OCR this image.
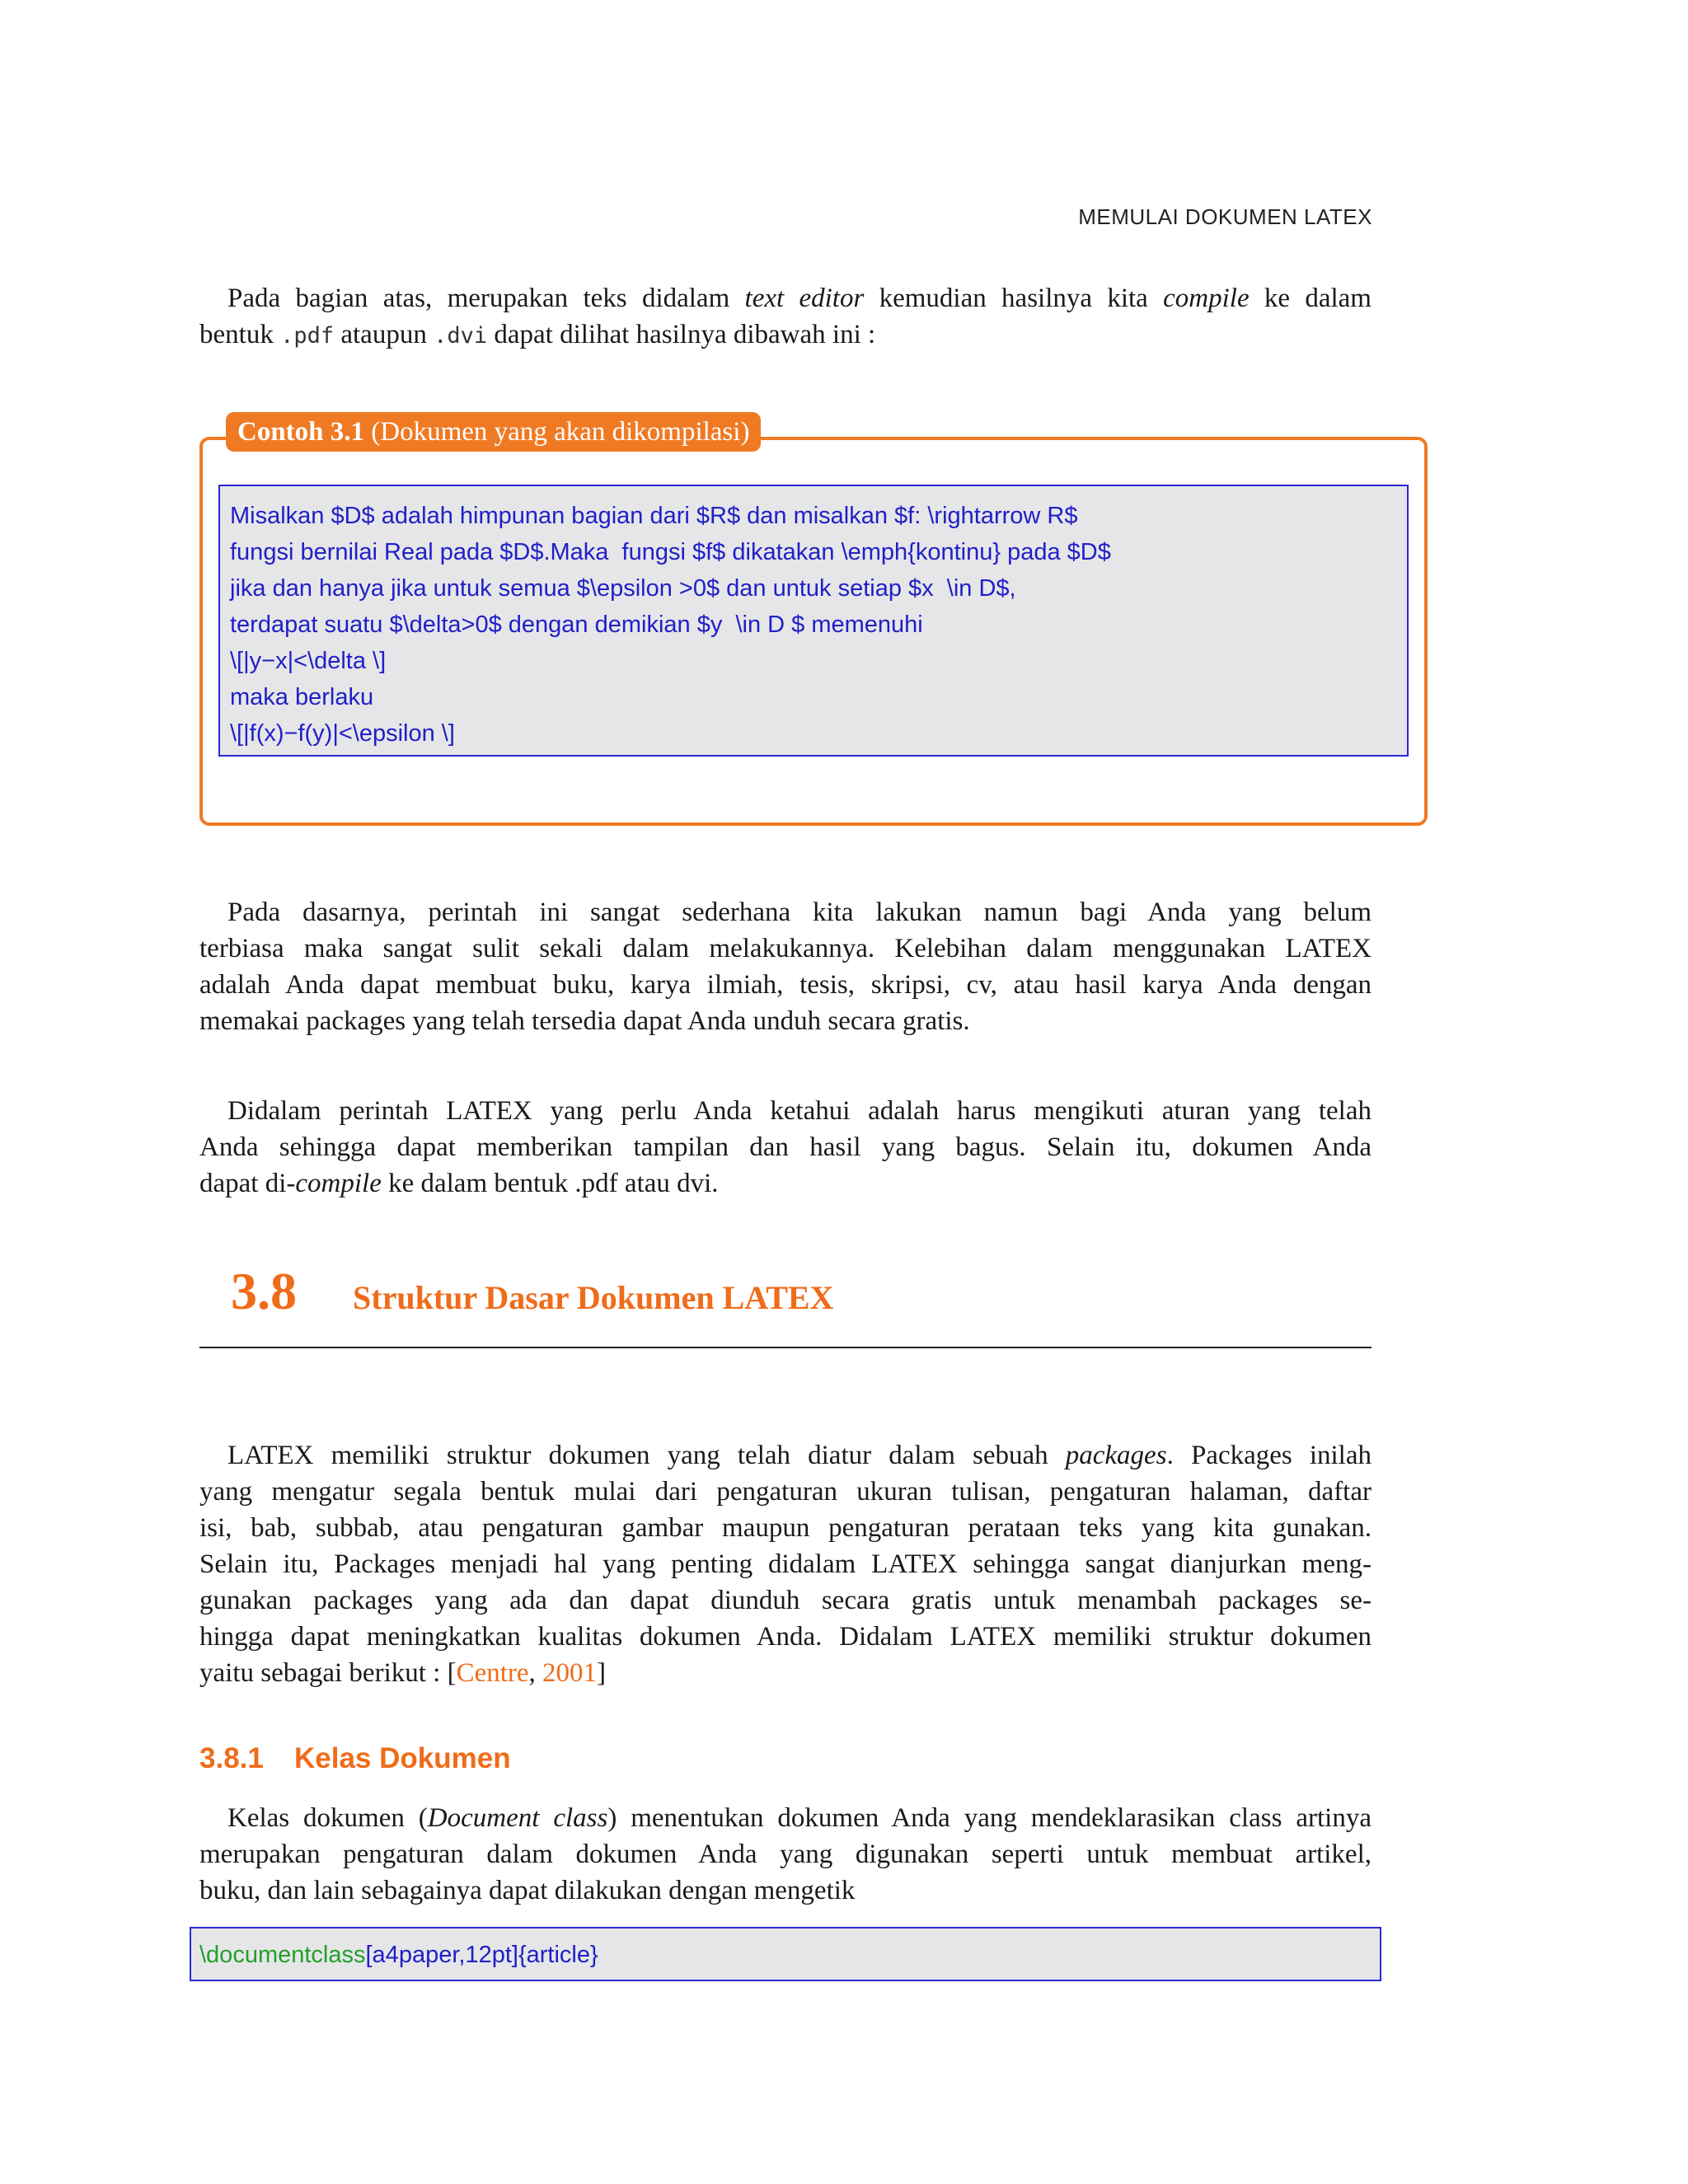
MEMULAI DOKUMEN LATEX
Pada bagian atas, merupakan teks didalam text editor kemudian hasilnya kita compile ke dalam
bentuk .pdf ataupun .dvi dapat dilihat hasilnya dibawah ini :
Contoh 3.1 (Dokumen yang akan dikompilasi)
Misalkan $D$ adalah himpunan bagian dari $R$ dan misalkan $f: \rightarrow R$
fungsi bernilai Real pada $D$.Maka  fungsi $f$ dikatakan \emph{kontinu} pada $D$
jika dan hanya jika untuk semua $\epsilon >0$ dan untuk setiap $x  \in D$,
terdapat suatu $\delta>0$ dengan demikian $y  \in D $ memenuhi
\[|y−x|<\delta \]
maka berlaku
\[|f(x)−f(y)|<\epsilon \]
Pada dasarnya, perintah ini sangat sederhana kita lakukan namun bagi Anda yang belum
terbiasa maka sangat sulit sekali dalam melakukannya. Kelebihan dalam menggunakan LATEX
adalah Anda dapat membuat buku, karya ilmiah, tesis, skripsi, cv, atau hasil karya Anda dengan
memakai packages yang telah tersedia dapat Anda unduh secara gratis.
Didalam perintah LATEX yang perlu Anda ketahui adalah harus mengikuti aturan yang telah
Anda sehingga dapat memberikan tampilan dan hasil yang bagus. Selain itu, dokumen Anda
dapat di-compile ke dalam bentuk .pdf atau dvi.
3.8 Struktur Dasar Dokumen LATEX
LATEX memiliki struktur dokumen yang telah diatur dalam sebuah packages. Packages inilah
yang mengatur segala bentuk mulai dari pengaturan ukuran tulisan, pengaturan halaman, daftar
isi, bab, subbab, atau pengaturan gambar maupun pengaturan perataan teks yang kita gunakan.
Selain itu, Packages menjadi hal yang penting didalam LATEX sehingga sangat dianjurkan meng-
gunakan packages yang ada dan dapat diunduh secara gratis untuk menambah packages se-
hingga dapat meningkatkan kualitas dokumen Anda. Didalam LATEX memiliki struktur dokumen
yaitu sebagai berikut : [Centre, 2001]
3.8.1 Kelas Dokumen
Kelas dokumen (Document class) menentukan dokumen Anda yang mendeklarasikan class artinya
merupakan pengaturan dalam dokumen Anda yang digunakan seperti untuk membuat artikel,
buku, dan lain sebagainya dapat dilakukan dengan mengetik
\documentclass[a4paper,12pt]{article}
